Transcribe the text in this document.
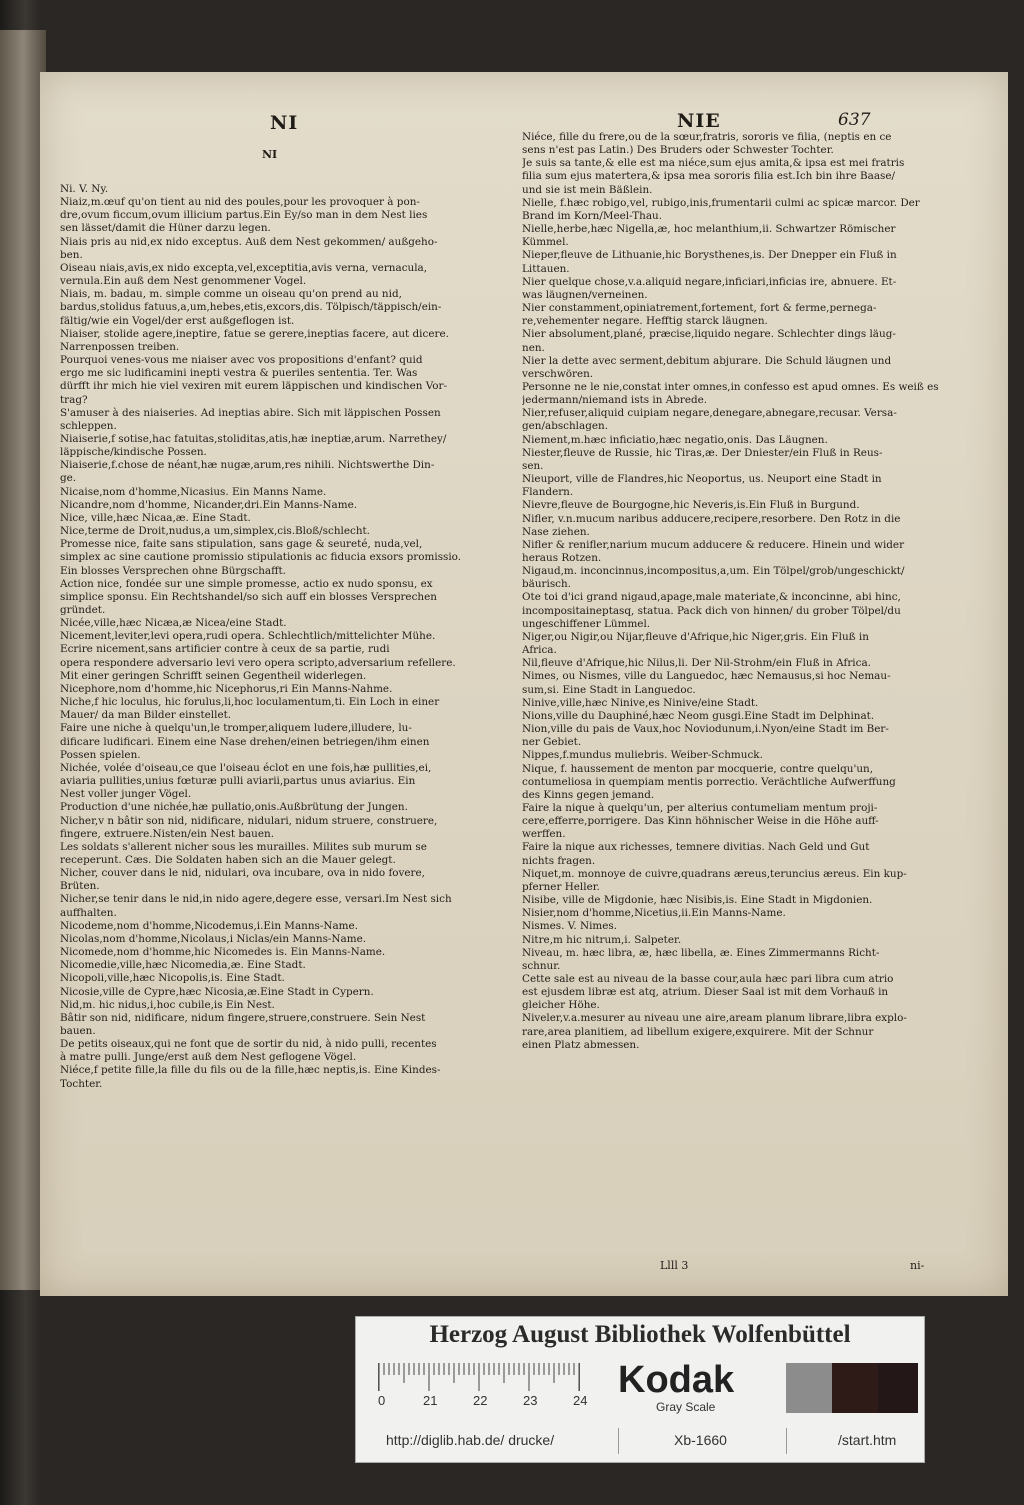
NI	NIE	637
NI

Ni. V. Ny.

Niaiz,m.œuf qu'on tient au nid des poules,pour les provoquer à pon-

dre,ovum ficcum,ovum illicium partus.Ein Ey/so man in dem Nest lies

sen lässet/damit die Hüner darzu legen.

Niais pris au nid,ex nido exceptus. Auß dem Nest gekommen/ außgeho-

ben.

Oiseau niais,avis,ex nido excepta,vel,exceptitia,avis verna, vernacula,

vernula.Ein auß dem Nest genommener Vogel.

Niais, m. badau, m. simple comme un oiseau qu'on prend au nid,

bardus,stolidus fatuus,a,um,hebes,etis,excors,dis. Tölpisch/täppisch/ein-

fältig/wie ein Vogel/der erst außgeflogen ist.

Niaiser, stolide agere,ineptire, fatue se gerere,ineptias facere, aut dicere.

Narrenpossen treiben.

Pourquoi venes-vous me niaiser avec vos propositions d'enfant? quid

ergo me sic ludificamini inepti vestra & pueriles sententia. Ter. Was

dürfft ihr mich hie viel vexiren mit eurem läppischen und kindischen Vor-

trag?

S'amuser à des niaiseries. Ad ineptias abire. Sich mit läppischen Possen

schleppen.

Niaiserie,f sotise,hac fatuitas,stoliditas,atis,hæ ineptiæ,arum. Narrethey/

läppische/kindische Possen.

Niaiserie,f.chose de néant,hæ nugæ,arum,res nihili. Nichtswerthe Din-

ge.

Nicaise,nom d'homme,Nicasius. Ein Manns Name.

Nicandre,nom d'homme, Nicander,dri.Ein Manns-Name.

Nice, ville,hæc Nicaa,æ. Eine Stadt.

Nice,terme de Droit,nudus,a um,simplex,cis.Bloß/schlecht.

Promesse nice, faite sans stipulation, sans gage & seureté, nuda,vel,

simplex ac sine cautione promissio stipulationis ac fiducia exsors promissio.

Ein blosses Versprechen ohne Bürgschafft.

Action nice, fondée sur une simple promesse, actio ex nudo sponsu, ex

simplice sponsu. Ein Rechtshandel/so sich auff ein blosses Versprechen

gründet.

Nicée,ville,hæc Nicæa,æ Nicea/eine Stadt.

Nicement,leviter,levi opera,rudi opera. Schlechtlich/mittelichter Mühe.

Ecrire nicement,sans artificier contre à ceux de sa partie, rudi

opera respondere adversario levi vero opera scripto,adversarium refellere.

Mit einer geringen Schrifft seinen Gegentheil widerlegen.

Nicephore,nom d'homme,hic Nicephorus,ri Ein Manns-Nahme.

Niche,f hic loculus, hic forulus,li,hoc loculamentum,ti. Ein Loch in einer

Mauer/ da man Bilder einstellet.

Faire une niche à quelqu'un,le tromper,aliquem ludere,illudere, lu-

dificare ludificari. Einem eine Nase drehen/einen betriegen/ihm einen

Possen spielen.

Nichée, volée d'oiseau,ce que l'oiseau éclot en une fois,hæ pullities,ei,

aviaria pullities,unius fœturæ pulli aviarii,partus unus aviarius. Ein

Nest voller junger Vögel.

Production d'une nichée,hæ pullatio,onis.Außbrütung der Jungen.

Nicher,v n bâtir son nid, nidificare, nidulari, nidum struere, construere,

fingere, extruere.Nisten/ein Nest bauen.

Les soldats s'allerent nicher sous les murailles. Milites sub murum se

receperunt. Cæs. Die Soldaten haben sich an die Mauer gelegt.

Nicher, couver dans le nid, nidulari, ova incubare, ova in nido fovere,

Brüten.

Nicher,se tenir dans le nid,in nido agere,degere esse, versari.Im Nest sich

auffhalten.

Nicodeme,nom d'homme,Nicodemus,i.Ein Manns-Name.

Nicolas,nom d'homme,Nicolaus,i Niclas/ein Manns-Name.

Nicomede,nom d'homme,hic Nicomedes is. Ein Manns-Name.

Nicomedie,ville,hæc Nicomedia,æ. Eine Stadt.

Nicopoli,ville,hæc Nicopolis,is. Eine Stadt.

Nicosie,ville de Cypre,hæc Nicosia,æ.Eine Stadt in Cypern.

Nid,m. hic nidus,i,hoc cubile,is Ein Nest.

Bâtir son nid, nidificare, nidum fingere,struere,construere. Sein Nest

bauen.

De petits oiseaux,qui ne font que de sortir du nid, à nido pulli, recentes

à matre pulli. Junge/erst auß dem Nest geflogene Vögel.

Niéce,f petite fille,la fille du fils ou de la fille,hæc neptis,is. Eine Kindes-

Tochter.

Niéce, fille du frere,ou de la sœur,fratris, sororis ve filia, (neptis en ce

sens n'est pas Latin.) Des Bruders oder Schwester Tochter.

Je suis sa tante,& elle est ma niéce,sum ejus amita,& ipsa est mei fratris

filia sum ejus matertera,& ipsa mea sororis filia est.Ich bin ihre Baase/

und sie ist mein Bäßlein.

Nielle, f.hæc robigo,vel, rubigo,inis,frumentarii culmi ac spicæ marcor. Der

Brand im Korn/Meel-Thau.

Nielle,herbe,hæc Nigella,æ, hoc melanthium,ii. Schwartzer Römischer

Kümmel.

Nieper,fleuve de Lithuanie,hic Borysthenes,is. Der Dnepper ein Fluß in

Littauen.

Nier quelque chose,v.a.aliquid negare,inficiari,inficias ire, abnuere. Et-

was läugnen/verneinen.

Nier constamment,opiniatrement,fortement, fort & ferme,pernega-

re,vehementer negare. Hefftig starck läugnen.

Nier absolument,plané, præcise,liquido negare. Schlechter dings läug-

nen.

Nier la dette avec serment,debitum abjurare. Die Schuld läugnen und

verschwören.

Personne ne le nie,constat inter omnes,in confesso est apud omnes. Es weiß es

jedermann/niemand ists in Abrede.

Nier,refuser,aliquid cuipiam negare,denegare,abnegare,recusar. Versa-

gen/abschlagen.

Niement,m.hæc inficiatio,hæc negatio,onis. Das Läugnen.

Niester,fleuve de Russie, hic Tiras,æ. Der Dniester/ein Fluß in Reus-

sen.

Nieuport, ville de Flandres,hic Neoportus, us. Neuport eine Stadt in

Flandern.

Nievre,fleuve de Bourgogne,hic Neveris,is.Ein Fluß in Burgund.

Nifler, v.n.mucum naribus adducere,recipere,resorbere. Den Rotz in die

Nase ziehen.

Nifler & renifler,narium mucum adducere & reducere. Hinein und wider

heraus Rotzen.

Nigaud,m. inconcinnus,incompositus,a,um. Ein Tölpel/grob/ungeschickt/

bäurisch.

Ote toi d'ici grand nigaud,apage,male materiate,& inconcinne, abi hinc,

incompositaineptasq, statua. Pack dich von hinnen/ du grober Tölpel/du

ungeschiffener Lümmel.

Niger,ou Nigir,ou Nijar,fleuve d'Afrique,hic Niger,gris. Ein Fluß in

Africa.

Nil,fleuve d'Afrique,hic Nilus,li. Der Nil-Strohm/ein Fluß in Africa.

Nimes, ou Nismes, ville du Languedoc, hæc Nemausus,si hoc Nemau-

sum,si. Eine Stadt in Languedoc.

Ninive,ville,hæc Ninive,es Ninive/eine Stadt.

Nions,ville du Dauphiné,hæc Neom gusgi.Eine Stadt im Delphinat.

Nion,ville du pais de Vaux,hoc Noviodunum,i.Nyon/eine Stadt im Ber-

ner Gebiet.

Nippes,f.mundus muliebris. Weiber-Schmuck.

Nique, f. haussement de menton par mocquerie, contre quelqu'un,

contumeliosa in quempiam mentis porrectio. Verächtliche Aufwerffung

des Kinns gegen jemand.

Faire la nique à quelqu'un, per alterius contumeliam mentum proji-

cere,efferre,porrigere. Das Kinn höhnischer Weise in die Höhe auff-

werffen.

Faire la nique aux richesses, temnere divitias. Nach Geld und Gut

nichts fragen.

Niquet,m. monnoye de cuivre,quadrans æreus,teruncius æreus. Ein kup-

pferner Heller.

Nisibe, ville de Migdonie, hæc Nisibis,is. Eine Stadt in Migdonien.

Nisier,nom d'homme,Nicetius,ii.Ein Manns-Name.

Nismes. V. Nimes.

Nitre,m hic nitrum,i. Salpeter.

Niveau, m. hæc libra, æ, hæc libella, æ. Eines Zimmermanns Richt-

schnur.

Cette sale est au niveau de la basse cour,aula hæc pari libra cum atrio

est ejusdem libræ est atq, atrium. Dieser Saal ist mit dem Vorhauß in

gleicher Höhe.

Niveler,v.a.mesurer au niveau une aire,aream planum librare,libra explo-

rare,area planitiem, ad libellum exigere,exquirere. Mit der Schnur

einen Platz abmessen.

Llll 3	ni-
Herzog August Bibliothek Wolfenbüttel
0	21	22	23	24 Kodak
Gray Scale
http://diglib.hab.de/ drucke/	Xb-1660	/start.htm
